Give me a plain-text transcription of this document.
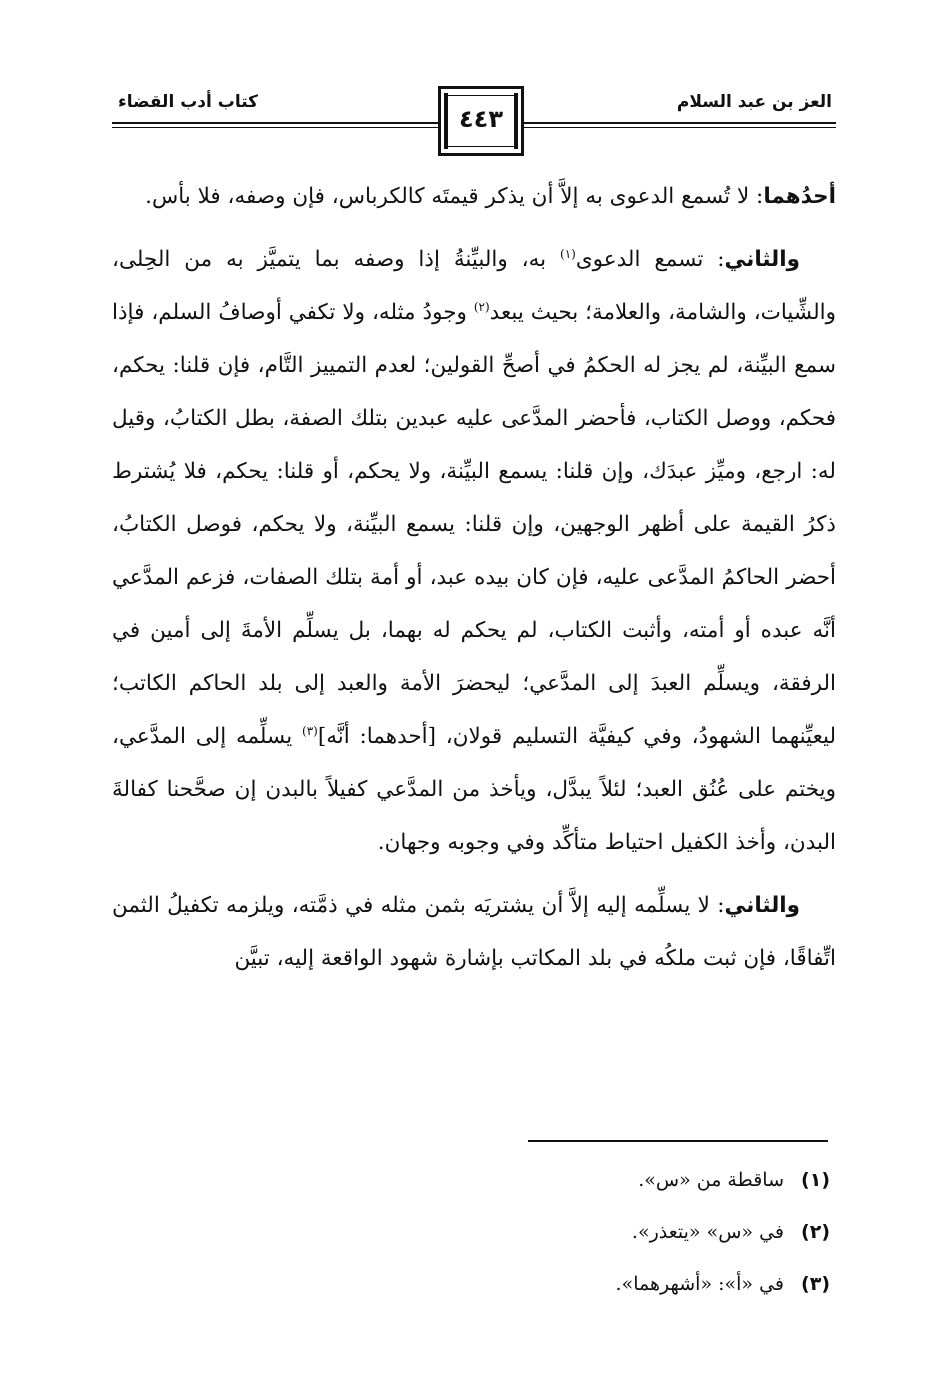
العز بن عبد السلام
كتاب أدب القضاء
٤٤٣

أحدُهما: لا تُسمع الدعوى به إلاَّ أن يذكر قيمتَه كالكرباس، فإن وصفه، فلا بأس.

والثاني: تسمع الدعوى$^{(١)}$ به، والبيِّنةُ إذا وصفه بما يتميَّز به من الحِلى، والشِّيات، والشامة، والعلامة؛ بحيث يبعد$^{(٢)}$ وجودُ مثله، ولا تكفي أوصافُ السلم، فإذا سمع البيِّنة، لم يجز له الحكمُ في أصحِّ القولين؛ لعدم التمييز التَّام، فإن قلنا: يحكم، فحكم، ووصل الكتاب، فأحضر المدَّعى عليه عبدين بتلك الصفة، بطل الكتابُ، وقيل له: ارجع، وميِّز عبدَك، وإن قلنا: يسمع البيِّنة، ولا يحكم، أو قلنا: يحكم، فلا يُشترط ذكرُ القيمة على أظهر الوجهين، وإن قلنا: يسمع البيِّنة، ولا يحكم، فوصل الكتابُ، أحضر الحاكمُ المدَّعى عليه، فإن كان بيده عبد، أو أمة بتلك الصفات، فزعم المدَّعي أنَّه عبده أو أمته، وأثبت الكتاب، لم يحكم له بهما، بل يسلِّم الأمةَ إلى أمين في الرفقة، ويسلِّم العبدَ إلى المدَّعي؛ ليحضرَ الأمة والعبد إلى بلد الحاكم الكاتب؛ ليعيِّنهما الشهودُ، وفي كيفيَّة التسليم قولان، [أحدهما: أنَّه]$^{(٣)}$ يسلِّمه إلى المدَّعي، ويختم على عُنُق العبد؛ لئلاً يبدَّل، ويأخذ من المدَّعي كفيلاً بالبدن إن صحَّحنا كفالةَ البدن، وأخذ الكفيل احتياط متأكِّد وفي وجوبه وجهان.

والثاني: لا يسلِّمه إليه إلاَّ أن يشتريَه بثمن مثله في ذمَّته، ويلزمه تكفيلُ الثمن اتِّفاقًا، فإن ثبت ملكُه في بلد المكاتب بإشارة شهود الواقعة إليه، تبيَّن

(١)
ساقطة من «س».
(٢)
في «س» «يتعذر».
(٣)
في «أ»: «أشهرهما».
